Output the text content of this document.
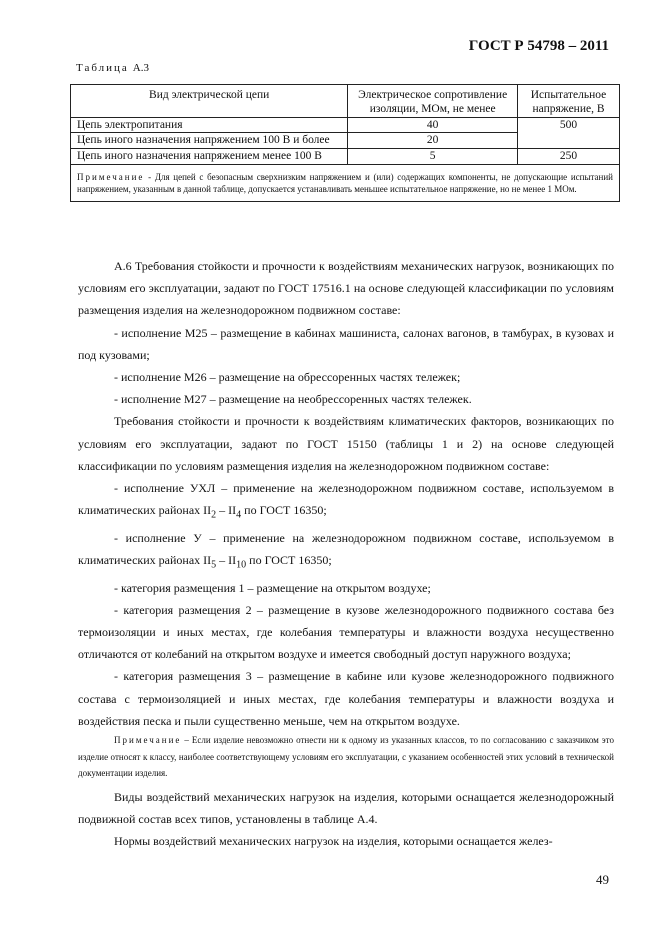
ГОСТ Р 54798 – 2011
Таблица А.3
Вид электрической цепи	Электрическое сопротивление изоляции, МОм, не менее	Испытательное напряжение, В
Цепь электропитания	40	500
Цепь иного назначения напряжением 100 В и более	20	
Цепь иного назначения напряжением менее 100 В	5	250
Примечание - Для цепей с безопасным сверхнизким напряжением и (или) содержащих компоненты, не допускающие испытаний напряжением, указанным в данной таблице, допускается устанавливать меньшее испытательное напряжение, но не менее 1 МОм.		

А.6 Требования стойкости и прочности к воздействиям механических нагрузок, возникающих по условиям его эксплуатации, задают по ГОСТ 17516.1 на основе следующей классификации по условиям размещения изделия на железнодорожном подвижном составе:

- исполнение М25 – размещение в кабинах машиниста, салонах вагонов, в тамбурах, в кузовах и под кузовами;

- исполнение М26 – размещение на обрессоренных частях тележек;

- исполнение М27 – размещение на необрессоренных частях тележек.

Требования стойкости и прочности к воздействиям климатических факторов, возникающих по условиям его эксплуатации, задают по ГОСТ 15150 (таблицы 1 и 2) на основе следующей классификации по условиям размещения изделия на железнодорожном подвижном составе:

- исполнение УХЛ – применение на железнодорожном подвижном составе, используемом в климатических районах $II_2 - II_4$ по ГОСТ 16350;

- исполнение У – применение на железнодорожном подвижном составе, используемом в климатических районах $II_5 - II_{10}$ по ГОСТ 16350;

- категория размещения 1 – размещение на открытом воздухе;

- категория размещения 2 – размещение в кузове железнодорожного подвижного состава без термоизоляции и иных местах, где колебания температуры и влажности воздуха несущественно отличаются от колебаний на открытом воздухе и имеется свободный доступ наружного воздуха;

- категория размещения 3 – размещение в кабине или кузове железнодорожного подвижного состава с термоизоляцией и иных местах, где колебания температуры и влажности воздуха и воздействия песка и пыли существенно меньше, чем на открытом воздухе.

Примечание – Если изделие невозможно отнести ни к одному из указанных классов, то по согласованию с заказчиком это изделие относят к классу, наиболее соответствующему условиям его эксплуатации, с указанием особенностей этих условий в технической документации изделия.

Виды воздействий механических нагрузок на изделия, которыми оснащается железнодорожный подвижной состав всех типов, установлены в таблице А.4.

Нормы воздействий механических нагрузок на изделия, которыми оснащается желез-

49
